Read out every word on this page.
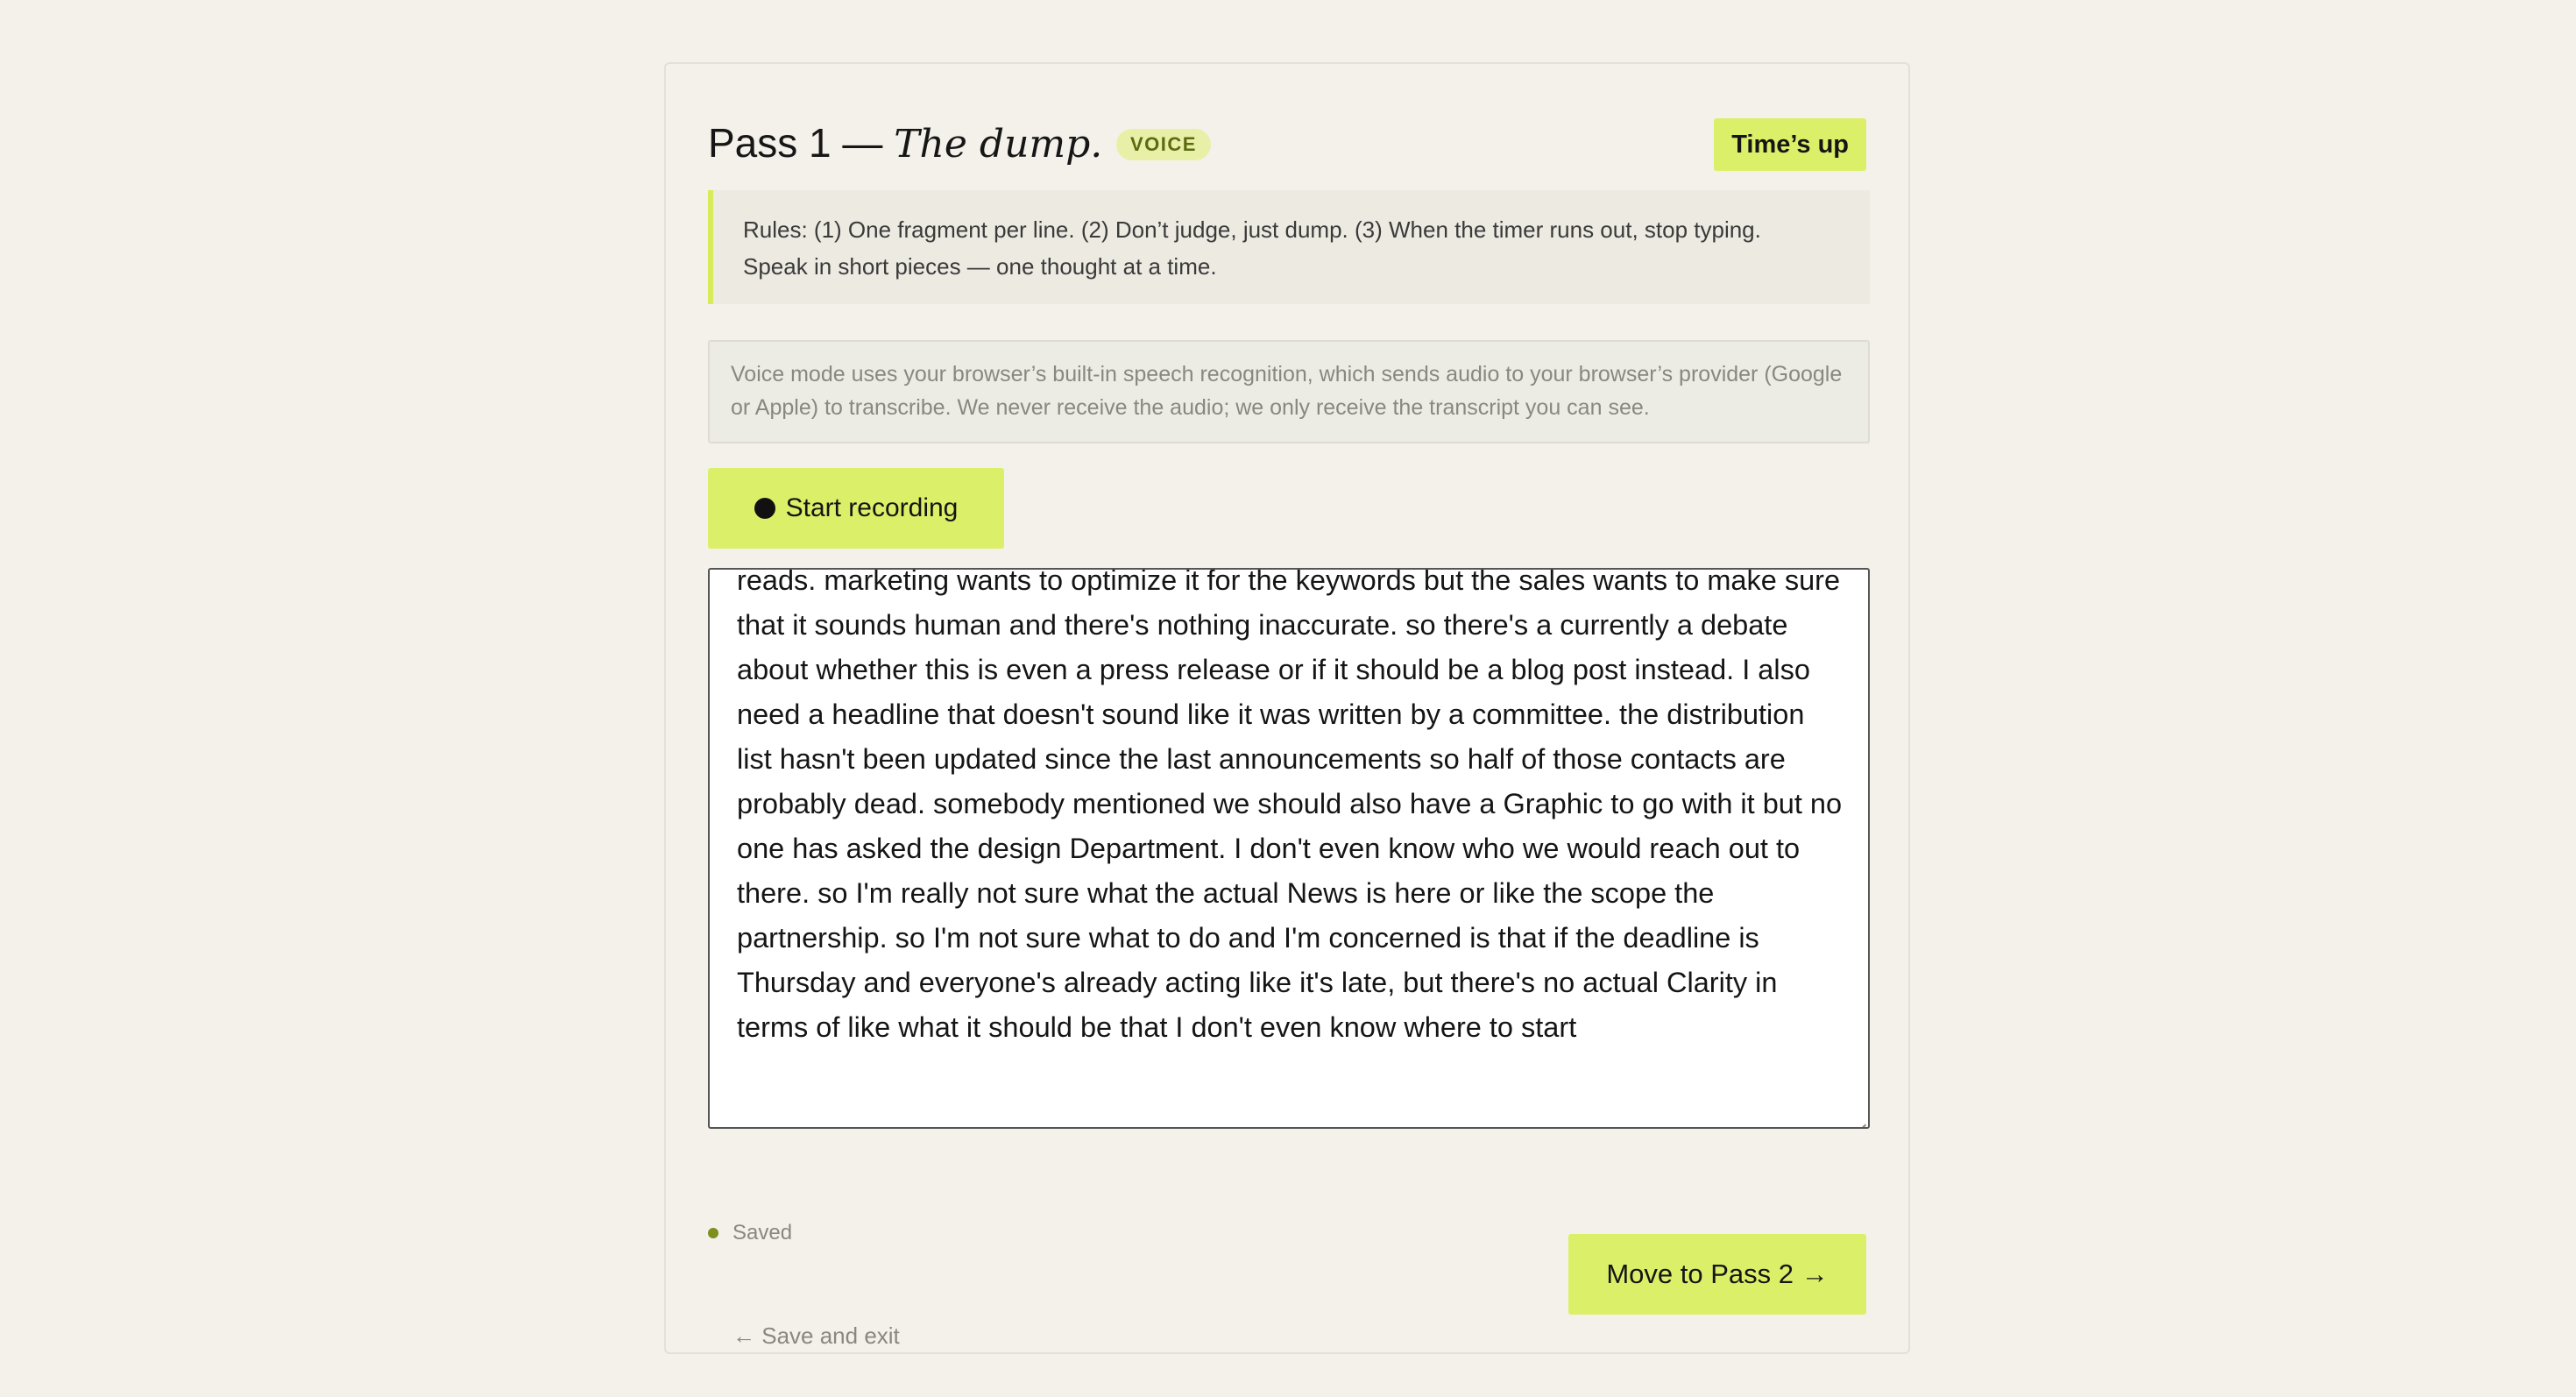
Pass 1 — The dump.	VOICE	Time’s up
Rules: (1) One fragment per line. (2) Don’t judge, just dump. (3) When the timer runs out, stop typing.
Speak in short pieces — one thought at a time.
Voice mode uses your browser’s built-in speech recognition, which sends audio to your browser’s provider (Google or Apple) to transcribe. We never receive the audio; we only receive the transcript you can see.
Start recording
reads. marketing wants to optimize it for the keywords but the sales wants to make sure that it sounds human and there's nothing inaccurate. so there's a currently a debate about whether this is even a press release or if it should be a blog post instead. I also need a headline that doesn't sound like it was written by a committee. the distribution list hasn't been updated since the last announcements so half of those contacts are probably dead. somebody mentioned we should also have a Graphic to go with it but no one has asked the design Department. I don't even know who we would reach out to there. so I'm really not sure what the actual News is here or like the scope the partnership. so I'm not sure what to do and I'm concerned is that if the deadline is Thursday and everyone's already acting like it's late, but there's no actual Clarity in terms of like what it should be that I don't even know where to start
Saved
← Save and exit
Move to Pass 2 →
